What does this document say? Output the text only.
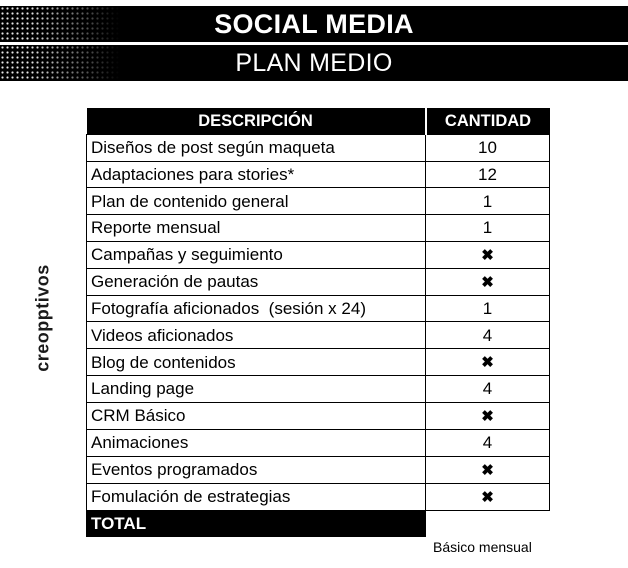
SOCIAL MEDIA
PLAN MEDIO
creopptivos
DESCRIPCIÓN	CANTIDAD
Diseños de post según maqueta	10
Adaptaciones para stories*	12
Plan de contenido general	1
Reporte mensual	1
Campañas y seguimiento	✖
Generación de pautas	✖
Fotografía aficionados  (sesión x 24)	1
Videos aficionados	4
Blog de contenidos	✖
Landing page	4
CRM Básico	✖
Animaciones	4
Eventos programados	✖
Fomulación de estrategias	✖
TOTAL	
Básico mensual
